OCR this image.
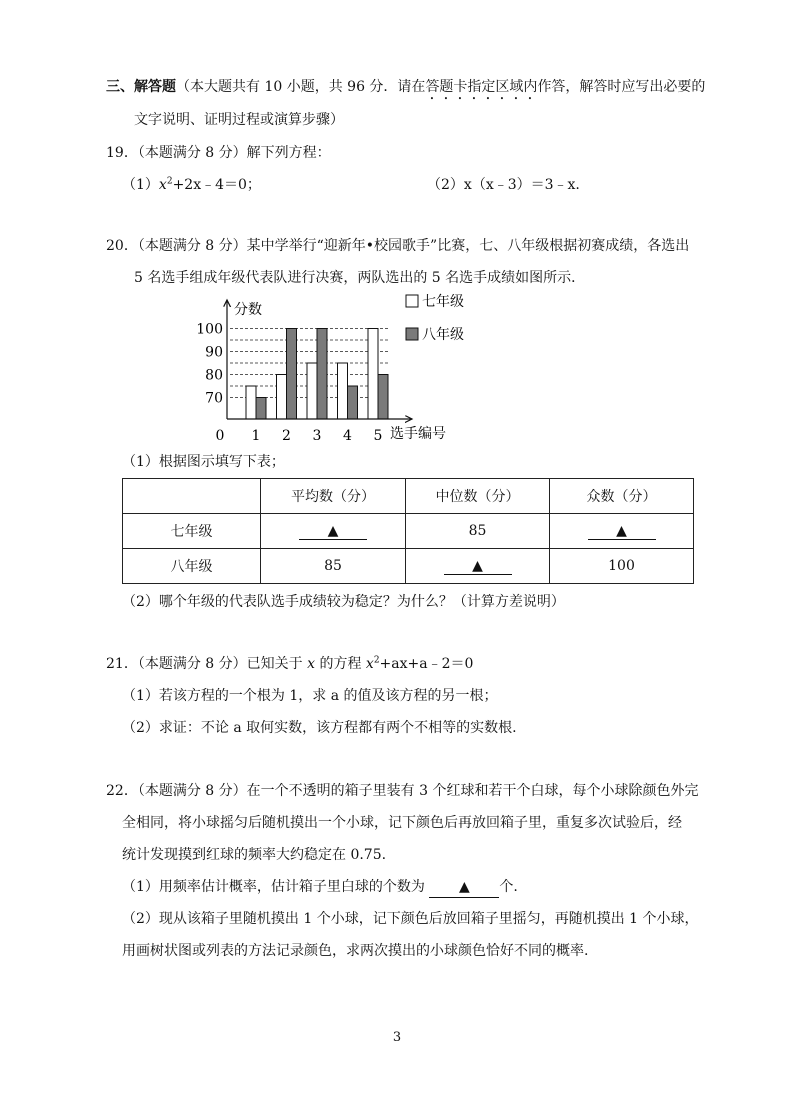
三、解答题（本大题共有 10 小题，共 96 分．请在答题卡指定区域内作答，解答时应写出必要的
文字说明、证明过程或演算步骤）
19．（本题满分 8 分）解下列方程：
$(1)x^2+2x﹣4=0$；	（2）x（x﹣3）＝3﹣x.
20．（本题满分 8 分）某中学举行“迎新年•校园歌手”比赛，七、八年级根据初赛成绩，各选出
5 名选手组成年级代表队进行决赛，两队选出的 5 名选手成绩如图所示．
分数
选手编号
0
70
80
90
100
1 2 3 4 5
七年级
八年级
（1）根据图示填写下表；
	平均数（分）	中位数（分）	众数（分）
七年级	▲	85	▲
八年级	85	▲	100
（2）哪个年级的代表队选手成绩较为稳定？为什么？（计算方差说明）
21．（本题满分 8 分）已知关于 x 的方程 $x^2+ax+a﹣2=0$
（1）若该方程的一个根为 1，求 a 的值及该方程的另一根；
（2）求证：不论 a 取何实数，该方程都有两个不相等的实数根.
22．（本题满分 8 分）在一个不透明的箱子里装有 3 个红球和若干个白球，每个小球除颜色外完
全相同，将小球摇匀后随机摸出一个小球，记下颜色后再放回箱子里，重复多次试验后，经
统计发现摸到红球的频率大约稳定在 0.75.
（1）用频率估计概率，估计箱子里白球的个数为 ▲ 个.
（2）现从该箱子里随机摸出 1 个小球，记下颜色后放回箱子里摇匀，再随机摸出 1 个小球，
用画树状图或列表的方法记录颜色，求两次摸出的小球颜色恰好不同的概率.
3
